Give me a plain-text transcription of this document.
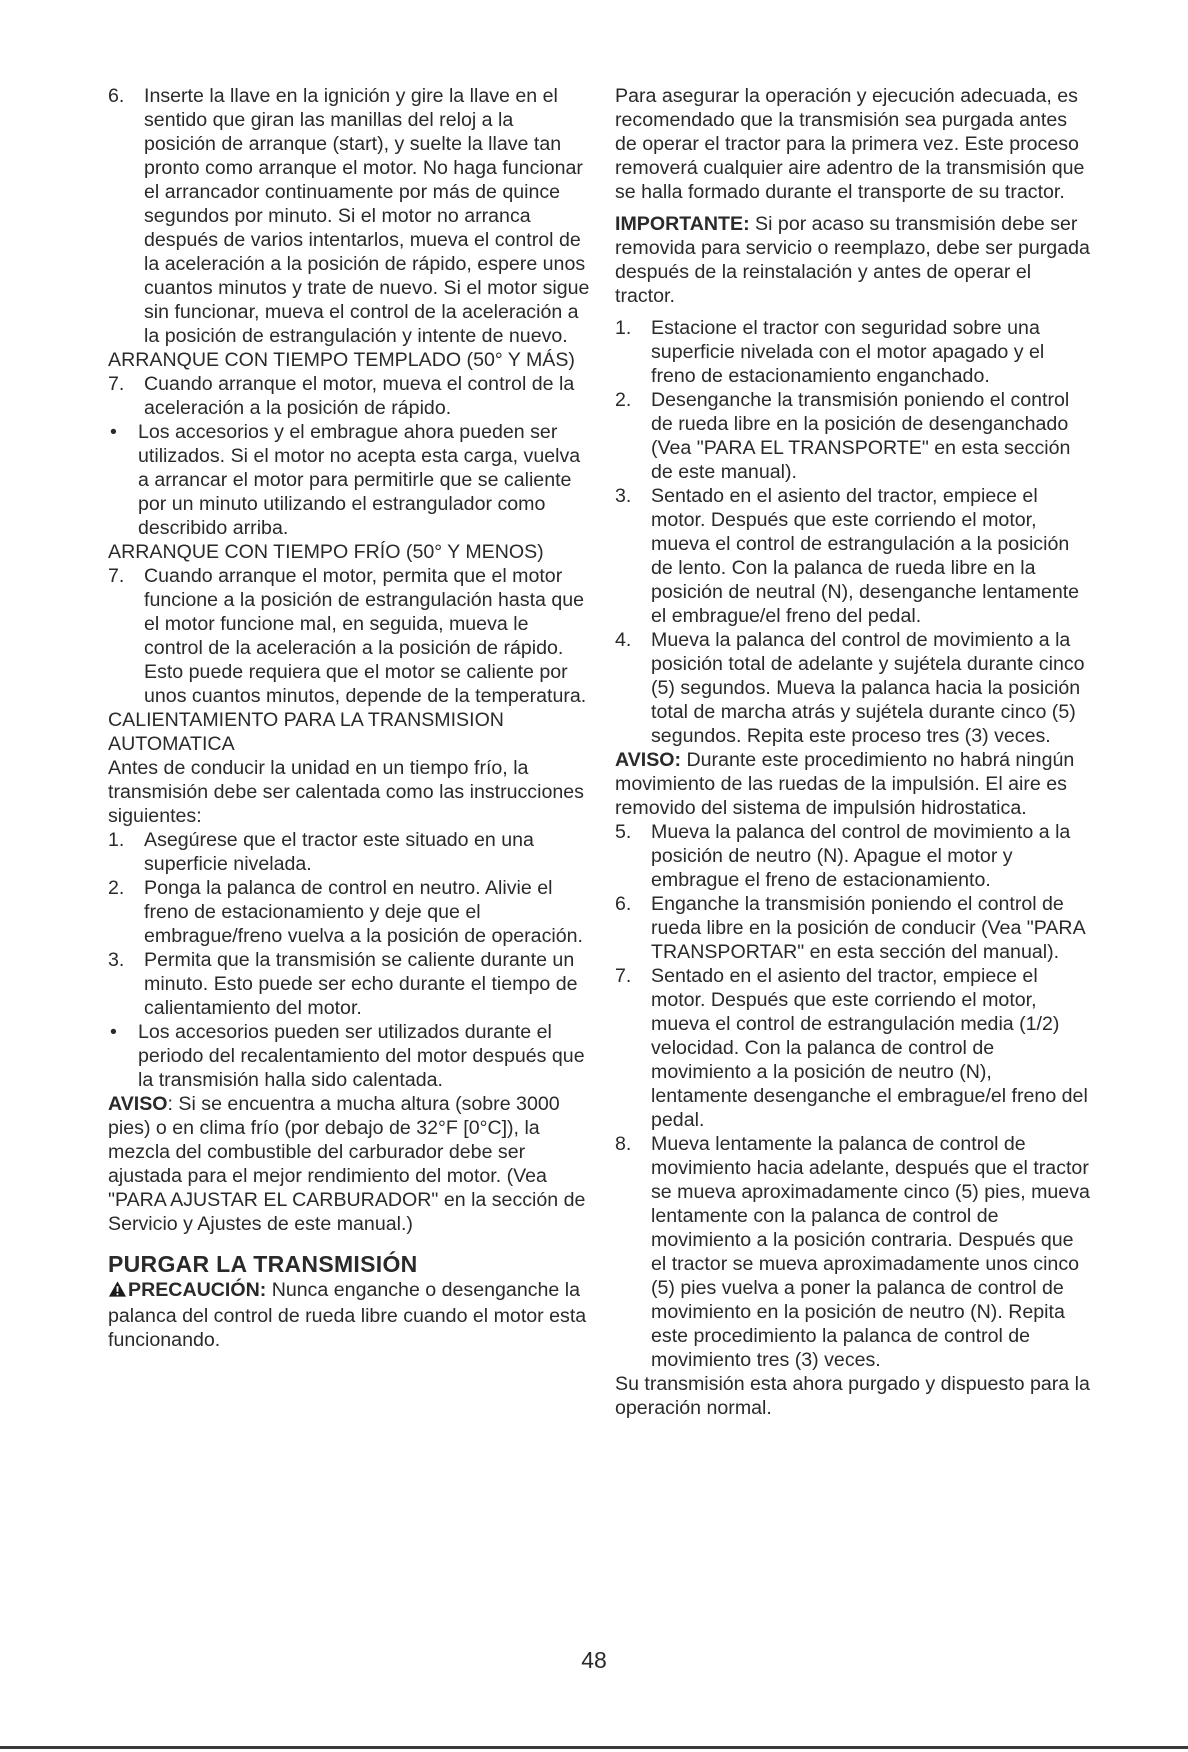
6.	Inserte la llave en la ignición y gire la llave en el sentido que giran las manillas del reloj a la posición de arranque (start), y suelte la llave tan pronto como arranque el motor. No haga funcionar el arrancador continuamente por más de quince segundos por minuto. Si el motor no arranca después de varios intentarlos, mueva el control de la aceleración a la posición de rápido, espere unos cuantos minutos y trate de nuevo. Si el motor sigue sin funcionar, mueva el control de la aceleración a la posición de estrangulación y intente de nuevo.
ARRANQUE CON TIEMPO TEMPLADO (50° Y MÁS)
7.	Cuando arranque el motor, mueva el control de la aceleración a la posición de rápido.
•	Los accesorios y el embrague ahora pueden ser utilizados. Si el motor no acepta esta carga, vuelva a arrancar el motor para permitirle que se caliente por un minuto utilizando el estrangulador como describido arriba.
ARRANQUE CON TIEMPO FRÍO (50° Y MENOS)
7.	Cuando arranque el motor, permita que el motor funcione a la posición de estrangulación hasta que el motor funcione mal, en seguida, mueva le control de la aceleración a la posición de rápido. Esto puede requiera que el motor se caliente por unos cuantos minutos, depende de la temperatura.
CALIENTAMIENTO PARA LA TRANSMISION AUTOMATICA
Antes de conducir la unidad en un tiempo frío, la transmisión debe ser calentada como las instrucciones siguientes:
1.	Asegúrese que el tractor este situado en una superficie nivelada.
2.	Ponga la palanca de control en neutro. Alivie el freno de estacionamiento y deje que el embrague/freno vuelva a la posición de operación.
3.	Permita que la transmisión se caliente durante un minuto. Esto puede ser echo durante el tiempo de calientamiento del motor.
•	Los accesorios pueden ser utilizados durante el periodo del recalentamiento del motor después que la transmisión halla sido calentada.
AVISO: Si se encuentra a mucha altura (sobre 3000 pies) o en clima frío (por debajo de 32°F [0°C]), la mezcla del combustible del carburador debe ser ajustada para el mejor rendimiento del motor. (Vea "PARA AJUSTAR EL CARBURADOR" en la sección de Servicio y Ajustes de este manual.)
PURGAR LA TRANSMISIÓN
PRECAUCIÓN: Nunca enganche o desenganche la palanca del control de rueda libre cuando el motor esta funcionando.
Para asegurar la operación y ejecución adecuada, es recomendado que la transmisión sea purgada antes de operar el tractor para la primera vez. Este proceso removerá cualquier aire adentro de la transmisión que se halla formado durante el transporte de su tractor.
IMPORTANTE: Si por acaso su transmisión debe ser removida para servicio o reemplazo, debe ser purgada después de la reinstalación y antes de operar el tractor.
1.	Estacione el tractor con seguridad sobre una superficie nivelada con el motor apagado y el freno de estacionamiento enganchado.
2.	Desenganche la transmisión poniendo el control de rueda libre en la posición de desenganchado (Vea "PARA EL TRANSPORTE" en esta sección de este manual).
3.	Sentado en el asiento del tractor, empiece el motor. Después que este corriendo el motor, mueva el control de estrangulación a la posición de lento. Con la palanca de rueda libre en la posición de neutral (N), desenganche lentamente el embrague/el freno del pedal.
4.	Mueva la palanca del control de movimiento a la posición total de adelante y sujétela durante cinco (5) segundos. Mueva la palanca hacia la posición total de marcha atrás y sujétela durante cinco (5) segundos. Repita este proceso tres (3) veces.
AVISO: Durante este procedimiento no habrá ningún movimiento de las ruedas de la impulsión. El aire es removido del sistema de impulsión hidrostatica.
5.	Mueva la palanca del control de movimiento a la posición de neutro (N). Apague el motor y embrague el freno de estacionamiento.
6.	Enganche la transmisión poniendo el control de rueda libre en la posición de conducir (Vea "PARA TRANSPORTAR" en esta sección del manual).
7.	Sentado en el asiento del tractor, empiece el motor. Después que este corriendo el motor, mueva el control de estrangulación media (1/2) velocidad. Con la palanca de control de movimiento a la posición de neutro (N), lentamente desenganche el embrague/el freno del pedal.
8.	Mueva lentamente la palanca de control de movimiento hacia adelante, después que el tractor se mueva aproximadamente cinco (5) pies, mueva lentamente con la palanca de control de movimiento a la posición contraria. Después que el tractor se mueva aproximadamente unos cinco (5) pies vuelva a poner la palanca de control de movimiento en la posición de neutro (N). Repita este procedimiento la palanca de control de movimiento tres (3) veces.
Su transmisión esta ahora purgado y dispuesto para la operación normal.
48
